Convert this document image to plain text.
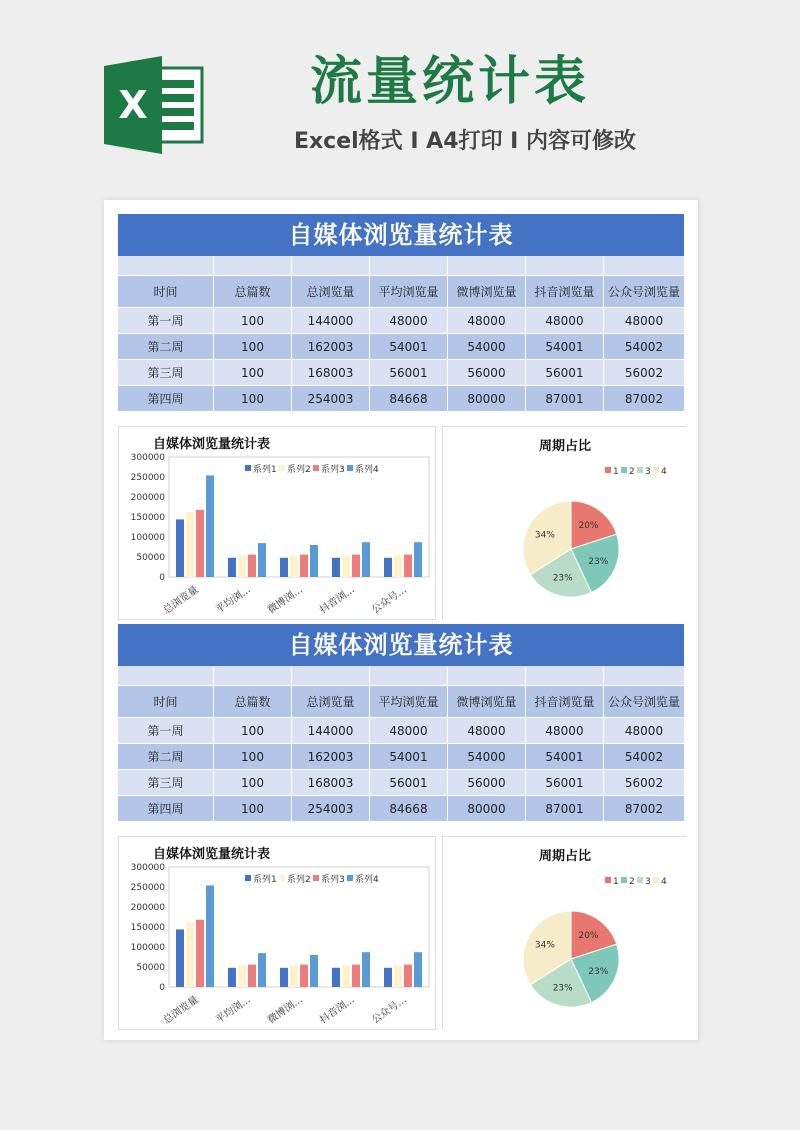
X	流量统计表
Excel格式 I A4打印 I 内容可修改
自媒体浏览量统计表
时间	总篇数	总浏览量	平均浏览量	微博浏览量	抖音浏览量	公众号浏览量
第一周	100	144000	48000	48000	48000	48000
第二周	100	162003	54001	54000	54001	54002
第三周	100	168003	56001	56000	56001	56002
第四周	100	254003	84668	80000	87001	87002
自媒体浏览量统计表
0
50000
100000
150000
200000
250000
300000
系列1 系列2 系列3 系列4
总浏览量 平均浏... 微博浏... 抖音浏... 公众号...
周期占比
1 2 3 4
20%
23%
23%
34%
自媒体浏览量统计表
时间	总篇数	总浏览量	平均浏览量	微博浏览量	抖音浏览量	公众号浏览量
第一周	100	144000	48000	48000	48000	48000
第二周	100	162003	54001	54000	54001	54002
第三周	100	168003	56001	56000	56001	56002
第四周	100	254003	84668	80000	87001	87002
自媒体浏览量统计表
0
50000
100000
150000
200000
250000
300000
系列1 系列2 系列3 系列4
总浏览量 平均浏... 微博浏... 抖音浏... 公众号...
周期占比
1 2 3 4
20%
23%
23%
34%
